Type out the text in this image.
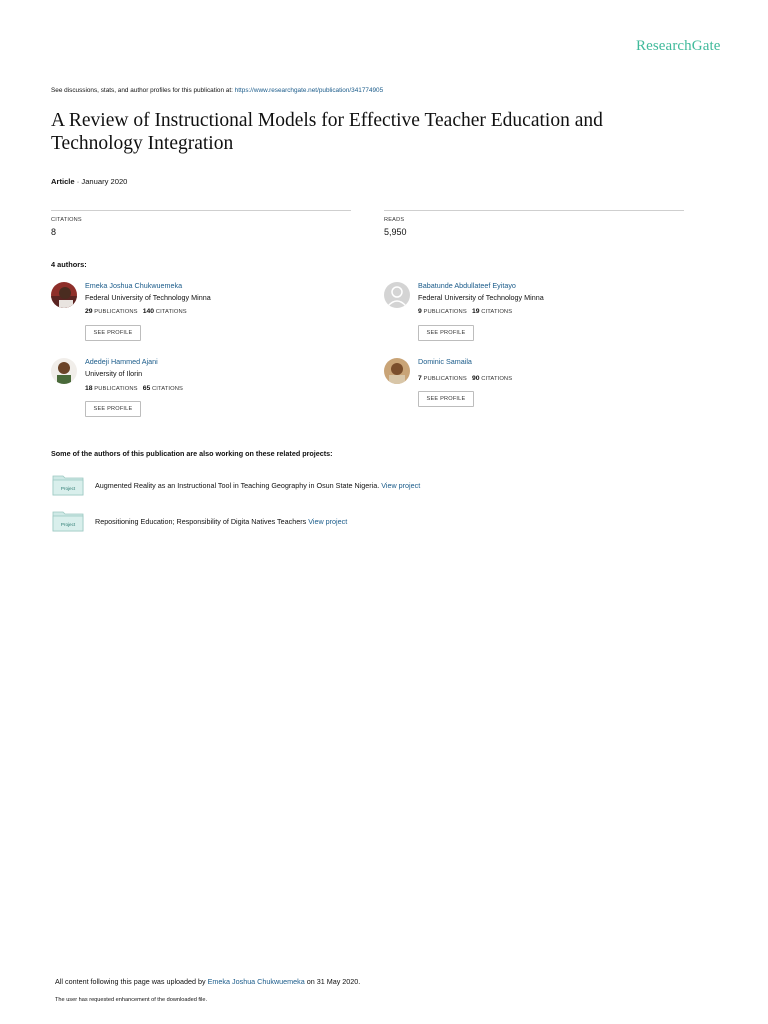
ResearchGate
See discussions, stats, and author profiles for this publication at: https://www.researchgate.net/publication/341774905
A Review of Instructional Models for Effective Teacher Education and Technology Integration
Article · January 2020
CITATIONS
8
READS
5,950
4 authors:
Emeka Joshua Chukwuemeka
Federal University of Technology Minna
29 PUBLICATIONS 140 CITATIONS
SEE PROFILE
Babatunde Abdullateef Eyitayo
Federal University of Technology Minna
9 PUBLICATIONS 19 CITATIONS
SEE PROFILE
Adedeji Hammed Ajani
University of Ilorin
18 PUBLICATIONS 65 CITATIONS
SEE PROFILE
Dominic Samaila
7 PUBLICATIONS 90 CITATIONS
SEE PROFILE
Some of the authors of this publication are also working on these related projects:
Project	Augmented Reality as an Instructional Tool in Teaching Geography in Osun State Nigeria. View project
Project	Repositioning Education; Responsibility of Digita Natives Teachers View project
All content following this page was uploaded by Emeka Joshua Chukwuemeka on 31 May 2020.
The user has requested enhancement of the downloaded file.
